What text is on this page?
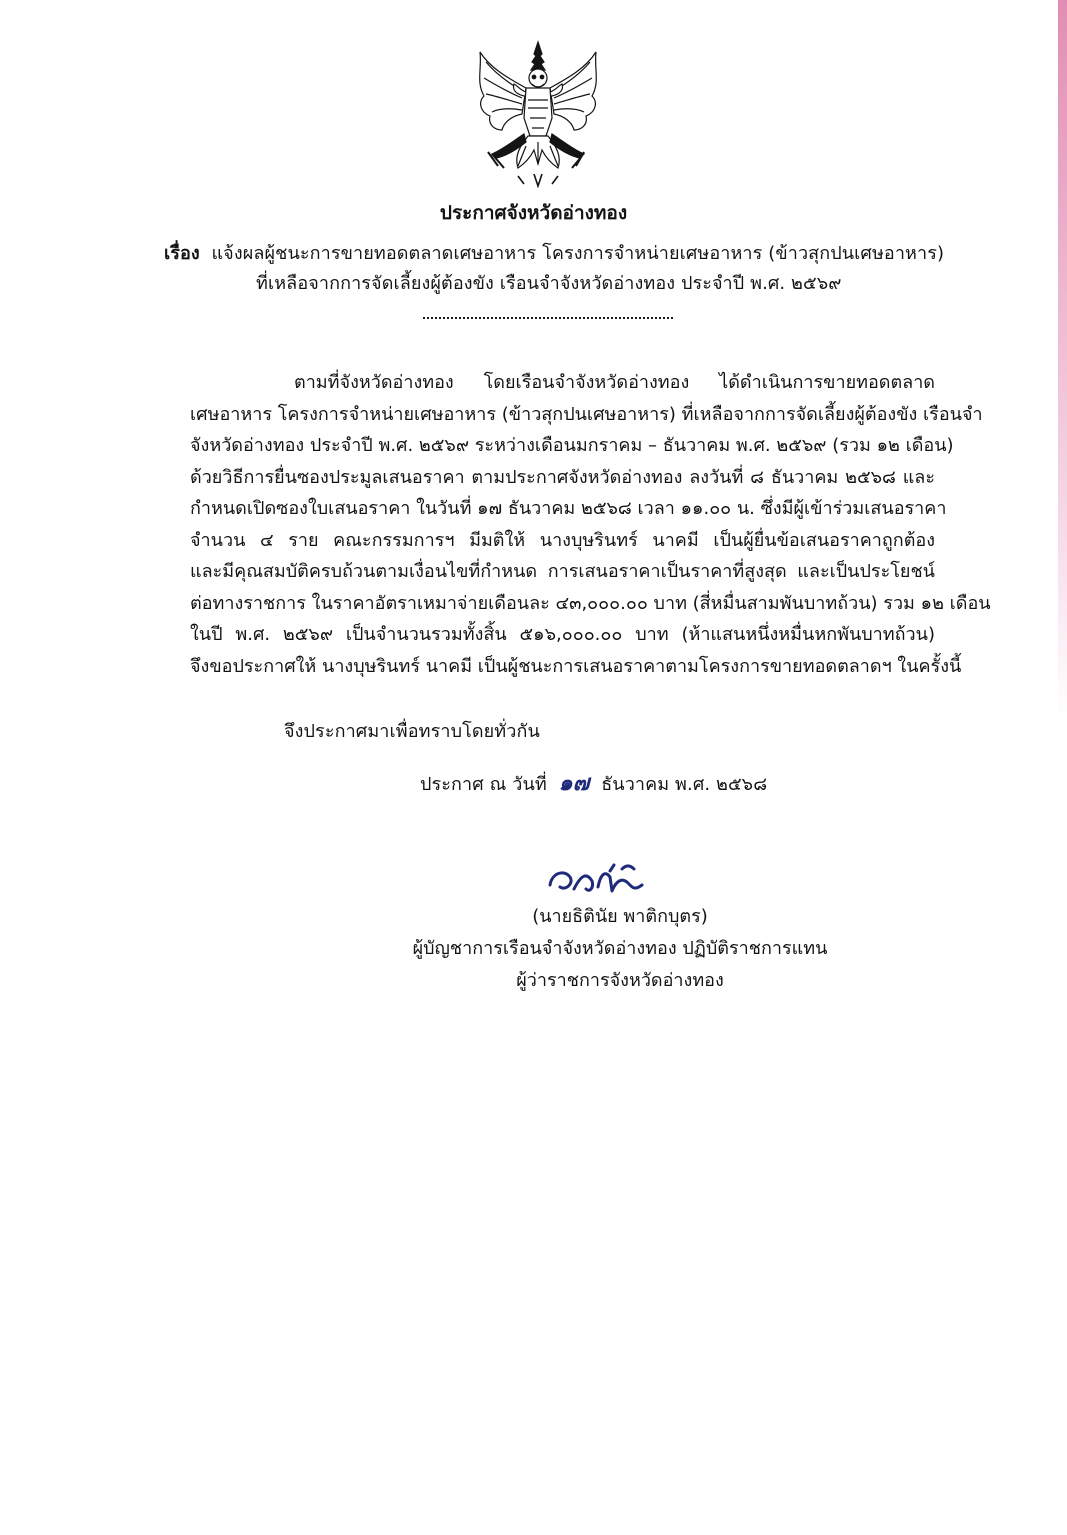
ประกาศจังหวัดอ่างทอง
เรื่อง แจ้งผลผู้ชนะการขายทอดตลาดเศษอาหาร โครงการจำหน่ายเศษอาหาร (ข้าวสุกปนเศษอาหาร)
ที่เหลือจากการจัดเลี้ยงผู้ต้องขัง เรือนจำจังหวัดอ่างทอง ประจำปี พ.ศ. ๒๕๖๙
ตามที่จังหวัดอ่างทอง โดยเรือนจำจังหวัดอ่างทอง ได้ดำเนินการขายทอดตลาด
เศษอาหาร โครงการจำหน่ายเศษอาหาร (ข้าวสุกปนเศษอาหาร) ที่เหลือจากการจัดเลี้ยงผู้ต้องขัง เรือนจำ
จังหวัดอ่างทอง ประจำปี พ.ศ. ๒๕๖๙ ระหว่างเดือนมกราคม – ธันวาคม พ.ศ. ๒๕๖๙ (รวม ๑๒ เดือน)
ด้วยวิธีการยื่นซองประมูลเสนอราคา ตามประกาศจังหวัดอ่างทอง ลงวันที่ ๘ ธันวาคม ๒๕๖๘ และ
กำหนดเปิดซองใบเสนอราคา ในวันที่ ๑๗ ธันวาคม ๒๕๖๘ เวลา ๑๑.๐๐ น. ซึ่งมีผู้เข้าร่วมเสนอราคา
จำนวน ๔ ราย คณะกรรมการฯ มีมติให้ นางบุษรินทร์ นาคมี เป็นผู้ยื่นข้อเสนอราคาถูกต้อง
และมีคุณสมบัติครบถ้วนตามเงื่อนไขที่กำหนด การเสนอราคาเป็นราคาที่สูงสุด และเป็นประโยชน์
ต่อทางราชการ ในราคาอัตราเหมาจ่ายเดือนละ ๔๓,๐๐๐.๐๐ บาท (สี่หมื่นสามพันบาทถ้วน) รวม ๑๒ เดือน
ในปี พ.ศ. ๒๕๖๙ เป็นจำนวนรวมทั้งสิ้น ๕๑๖,๐๐๐.๐๐ บาท (ห้าแสนหนึ่งหมื่นหกพันบาทถ้วน)
จึงขอประกาศให้ นางบุษรินทร์ นาคมี เป็นผู้ชนะการเสนอราคาตามโครงการขายทอดตลาดฯ ในครั้งนี้
จึงประกาศมาเพื่อทราบโดยทั่วกัน
ประกาศ ณ วันที่ ๑๗ ธันวาคม พ.ศ. ๒๕๖๘
(นายธิตินัย พาติกบุตร)
ผู้บัญชาการเรือนจำจังหวัดอ่างทอง ปฏิบัติราชการแทน
ผู้ว่าราชการจังหวัดอ่างทอง
